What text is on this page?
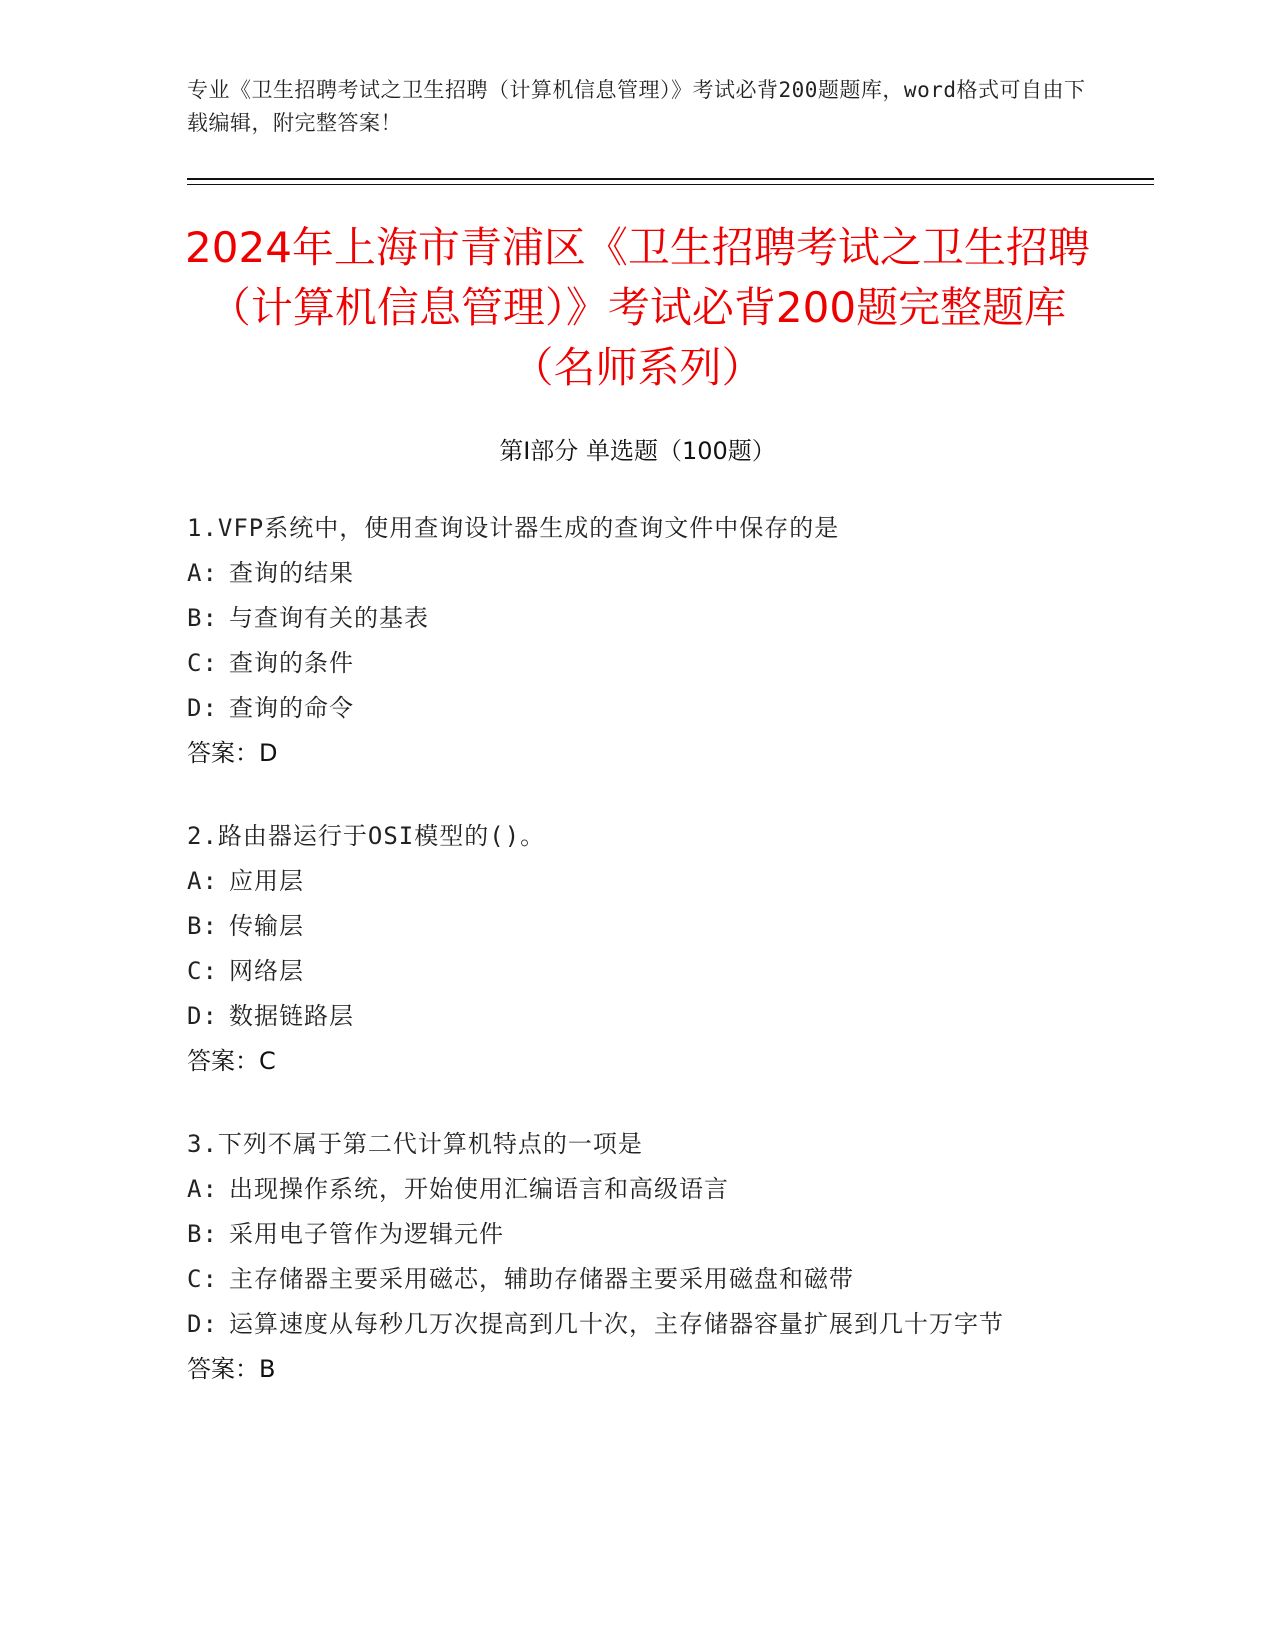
专业《卫生招聘考试之卫生招聘（计算机信息管理）》考试必背200题题库，word格式可自由下载编辑，附完整答案！
2024年上海市青浦区《卫生招聘考试之卫生招聘（计算机信息管理）》考试必背200题完整题库（名师系列）
第Ⅰ部分 单选题（100题）
1.VFP系统中，使用查询设计器生成的查询文件中保存的是
A: 查询的结果
B: 与查询有关的基表
C: 查询的条件
D: 查询的命令
答案：D
2.路由器运行于OSI模型的()。
A: 应用层
B: 传输层
C: 网络层
D: 数据链路层
答案：C
3.下列不属于第二代计算机特点的一项是
A: 出现操作系统，开始使用汇编语言和高级语言
B: 采用电子管作为逻辑元件
C: 主存储器主要采用磁芯，辅助存储器主要采用磁盘和磁带
D: 运算速度从每秒几万次提高到几十次，主存储器容量扩展到几十万字节
答案：B
